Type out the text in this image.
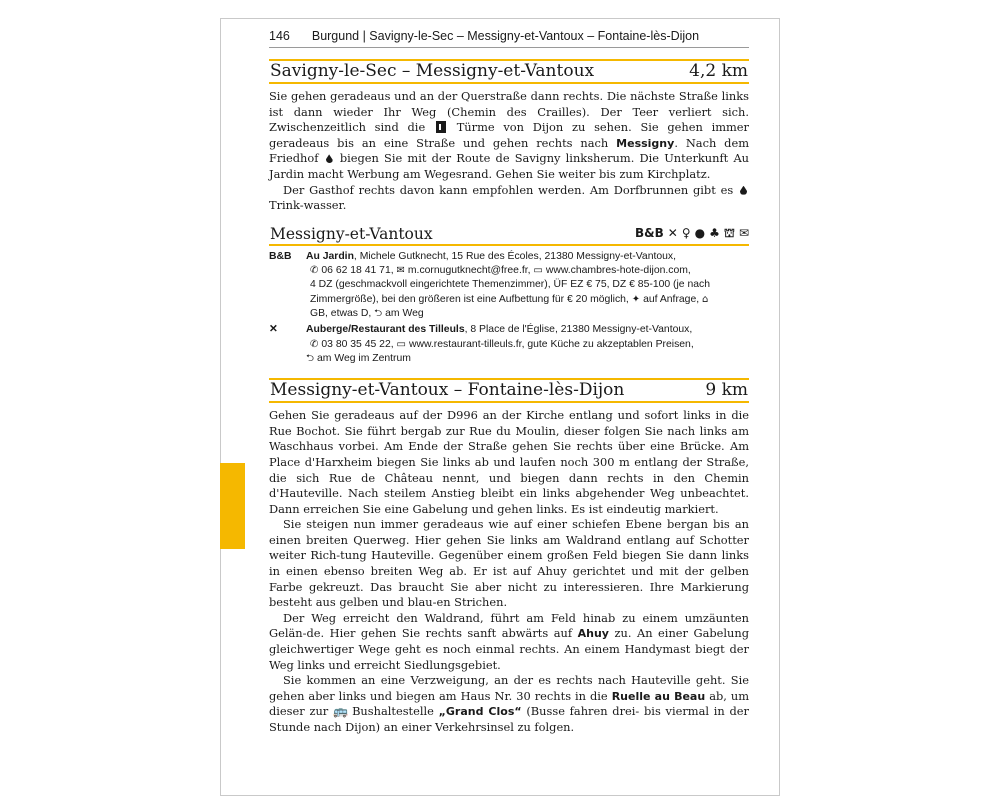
146 Burgund | Savigny-le-Sec – Messigny-et-Vantoux – Fontaine-lès-Dijon
Savigny-le-Sec – Messigny-et-Vantoux	4,2 km

Sie gehen geradeaus und an der Querstraße dann rechts. Die nächste Straße links ist dann wieder Ihr Weg (Chemin des Crailles). Der Teer verliert sich. Zwischenzeitlich sind die	Türme von Dijon zu sehen. Sie gehen immer geradeaus bis an eine Straße und gehen rechts nach Messigny. Nach dem Friedhof biegen Sie mit der Route de Savigny linksherum. Die Unterkunft Au Jardin macht Werbung am Wegesrand. Gehen Sie weiter bis zum Kirchplatz.

Der Gasthof rechts davon kann empfohlen werden. Am Dorfbrunnen gibt es  Trink-wasser.

Messigny-et-Vantoux	B&B ✕ ♀ ● ♣ ⛫ ✉
B&B	Au Jardin, Michele Gutknecht, 15 Rue des Écoles, 21380 Messigny-et-Vantoux,
✆ 06 62 18 41 71, ✉ m.cornugutknecht@free.fr, ▭ www.chambres-hote-dijon.com,
4 DZ (geschmackvoll eingerichtete Themenzimmer), ÜF EZ € 75, DZ € 85-100 (je nach
Zimmergröße), bei den größeren ist eine Aufbettung für € 20 möglich, ✦ auf Anfrage, ⌂
GB, etwas D, ⮌ am Weg
✕	Auberge/Restaurant des Tilleuls, 8 Place de l'Église, 21380 Messigny-et-Vantoux,
✆ 03 80 35 45 22, ▭ www.restaurant-tilleuls.fr, gute Küche zu akzeptablen Preisen,
⮌ am Weg im Zentrum
Messigny-et-Vantoux – Fontaine-lès-Dijon	9 km

Gehen Sie geradeaus auf der D996 an der Kirche entlang und sofort links in die Rue Bochot. Sie führt bergab zur Rue du Moulin, dieser folgen Sie nach links am Waschhaus vorbei. Am Ende der Straße gehen Sie rechts über eine Brücke. Am Place d'Harxheim biegen Sie links ab und laufen noch 300 m entlang der Straße, die sich Rue de Château nennt, und biegen dann rechts in den Chemin d'Hauteville. Nach steilem Anstieg bleibt ein links abgehender Weg unbeachtet. Dann erreichen Sie eine Gabelung und gehen links. Es ist eindeutig markiert.

Sie steigen nun immer geradeaus wie auf einer schiefen Ebene bergan bis an einen breiten Querweg. Hier gehen Sie links am Waldrand entlang auf Schotter weiter Rich-tung Hauteville. Gegenüber einem großen Feld biegen Sie dann links in einen ebenso breiten Weg ab. Er ist auf Ahuy gerichtet und mit der gelben Farbe gekreuzt. Das braucht Sie aber nicht zu interessieren. Ihre Markierung besteht aus gelben und blau-en Strichen.

Der Weg erreicht den Waldrand, führt am Feld hinab zu einem umzäunten Gelän-de. Hier gehen Sie rechts sanft abwärts auf Ahuy zu. An einer Gabelung gleichwertiger Wege geht es noch einmal rechts. An einem Handymast biegt der Weg links und erreicht Siedlungsgebiet.

Sie kommen an eine Verzweigung, an der es rechts nach Hauteville geht. Sie gehen aber links und biegen am Haus Nr. 30 rechts in die Ruelle au Beau ab, um dieser zur 🚌 Bushaltestelle „Grand Clos“ (Busse fahren drei- bis viermal in der Stunde nach Dijon) an einer Verkehrsinsel zu folgen.
